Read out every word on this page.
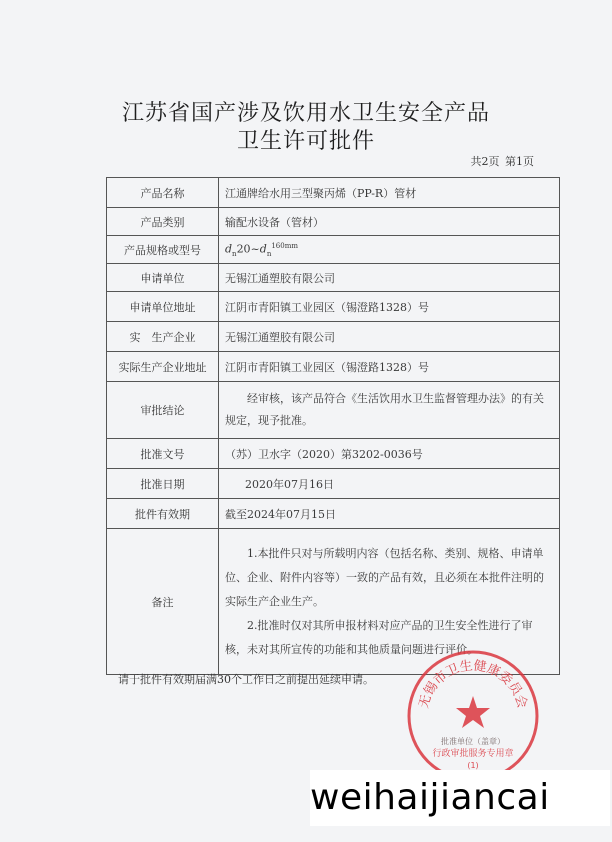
江苏省国产涉及饮用水卫生安全产品
卫生许可批件
共2页 第1页
产品名称	江通牌给水用三型聚丙烯（PP-R）管材
产品类别	输配水设备（管材）
产品规格或型号	$d_n20\sim d_n^{160mm}$
申请单位	无锡江通塑胶有限公司
申请单位地址	江阴市青阳镇工业园区（锡澄路1328）号
实　生产企业	无锡江通塑胶有限公司
实际生产企业地址	江阴市青阳镇工业园区（锡澄路1328）号
审批结论	经审核，该产品符合《生活饮用水卫生监督管理办法》的有关规定，现予批准。

批准文号	（苏）卫水字（2020）第3202-0036号
批准日期	2020年07月16日
批件有效期	截至2024年07月15日
备注	1.本批件只对与所载明内容（包括名称、类别、规格、申请单位、企业、附件内容等）一致的产品有效，且必须在本批件注明的实际生产企业生产。
2.批准时仅对其所申报材料对应产品的卫生安全性进行了审核，未对其所宣传的功能和其他质量问题进行评价。
请于批件有效期届满30个工作日之前提出延续申请。
无锡市卫生健康委员会
批准单位（盖章）
行政审批服务专用章
(1)
weihaijiancai
